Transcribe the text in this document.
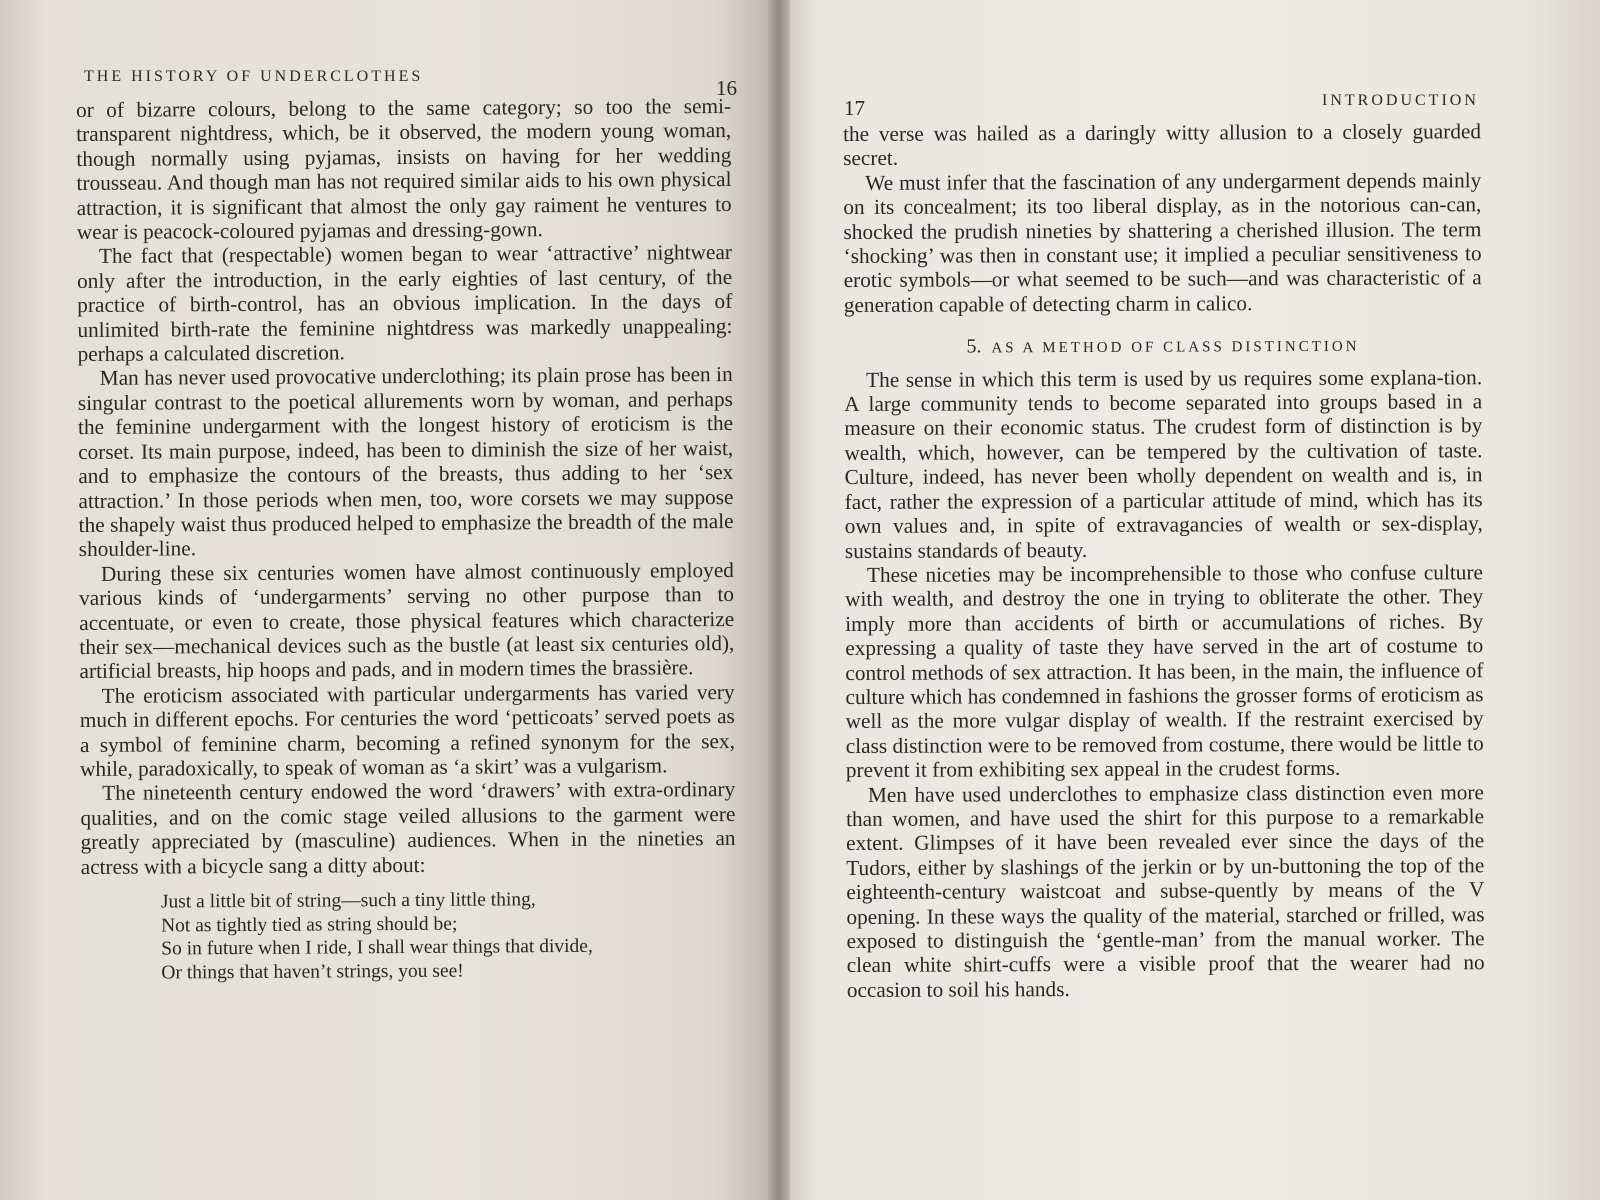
THE HISTORY OF UNDERCLOTHES	16

or of bizarre colours, belong to the same category; so too the semi-transparent nightdress, which, be it observed, the modern young woman, though normally using pyjamas, insists on having for her wedding trousseau. And though man has not required similar aids to his own physical attraction, it is significant that almost the only gay raiment he ventures to wear is peacock-coloured pyjamas and dressing-gown.

The fact that (respectable) women began to wear ‘attractive’ nightwear only after the introduction, in the early eighties of last century, of the practice of birth-control, has an obvious implication. In the days of unlimited birth-rate the feminine nightdress was markedly unappealing: perhaps a calculated discretion.

Man has never used provocative underclothing; its plain prose has been in singular contrast to the poetical allurements worn by woman, and perhaps the feminine undergarment with the longest history of eroticism is the corset. Its main purpose, indeed, has been to diminish the size of her waist, and to emphasize the contours of the breasts, thus adding to her ‘sex attraction.’ In those periods when men, too, wore corsets we may suppose the shapely waist thus produced helped to emphasize the breadth of the male shoulder-line.

During these six centuries women have almost continuously employed various kinds of ‘undergarments’ serving no other purpose than to accentuate, or even to create, those physical features which characterize their sex—mechanical devices such as the bustle (at least six centuries old), artificial breasts, hip hoops and pads, and in modern times the brassière.

The eroticism associated with particular undergarments has varied very much in different epochs. For centuries the word ‘petticoats’ served poets as a symbol of feminine charm, becoming a refined synonym for the sex, while, paradoxically, to speak of woman as ‘a skirt’ was a vulgarism.

The nineteenth century endowed the word ‘drawers’ with extra-ordinary qualities, and on the comic stage veiled allusions to the garment were greatly appreciated by (masculine) audiences. When in the nineties an actress with a bicycle sang a ditty about:

Just a little bit of string—such a tiny little thing,
Not as tightly tied as string should be;
So in future when I ride, I shall wear things that divide,
Or things that haven’t strings, you see!
17	INTRODUCTION

the verse was hailed as a daringly witty allusion to a closely guarded secret.

We must infer that the fascination of any undergarment depends mainly on its concealment; its too liberal display, as in the notorious can-can, shocked the prudish nineties by shattering a cherished illusion. The term ‘shocking’ was then in constant use; it implied a peculiar sensitiveness to erotic symbols—or what seemed to be such—and was characteristic of a generation capable of detecting charm in calico.

5. AS A METHOD OF CLASS DISTINCTION

The sense in which this term is used by us requires some explana-tion. A large community tends to become separated into groups based in a measure on their economic status. The crudest form of distinction is by wealth, which, however, can be tempered by the cultivation of taste. Culture, indeed, has never been wholly dependent on wealth and is, in fact, rather the expression of a particular attitude of mind, which has its own values and, in spite of extravagancies of wealth or sex-display, sustains standards of beauty.

These niceties may be incomprehensible to those who confuse culture with wealth, and destroy the one in trying to obliterate the other. They imply more than accidents of birth or accumulations of riches. By expressing a quality of taste they have served in the art of costume to control methods of sex attraction. It has been, in the main, the influence of culture which has condemned in fashions the grosser forms of eroticism as well as the more vulgar display of wealth. If the restraint exercised by class distinction were to be removed from costume, there would be little to prevent it from exhibiting sex appeal in the crudest forms.

Men have used underclothes to emphasize class distinction even more than women, and have used the shirt for this purpose to a remarkable extent. Glimpses of it have been revealed ever since the days of the Tudors, either by slashings of the jerkin or by un-buttoning the top of the eighteenth-century waistcoat and subse-quently by means of the V opening. In these ways the quality of the material, starched or frilled, was exposed to distinguish the ‘gentle-man’ from the manual worker. The clean white shirt-cuffs were a visible proof that the wearer had no occasion to soil his hands.
